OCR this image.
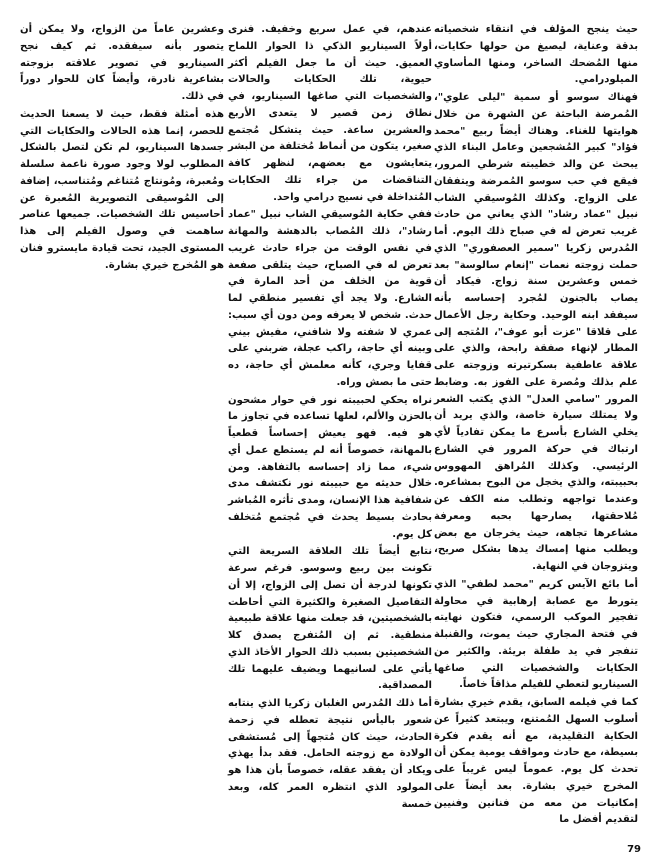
حيث ينجح المؤلف في انتقاء شخصياته بدقة وعناية، ليصيغ من حولها حكايات، منها المُضحك الساخر، ومنها المأساوي الميلودرامي.

فهناك سوسو أو سمية "ليلى علوي"، المُمرضة الباحثة عن الشهرة من خلال هوايتها للغناء. وهناك أيضاً ربيع "محمد فؤاد" كبير المُشجعين وعامل البناء الذي يبحث عن والد خطيبته شرطي المرور، فيقع في حب سوسو المُمرضة ويتفقان على الزواج. وكذلك المُوسيقي الشاب نبيل "عماد رشاد" الذي يعاني من حادث غريب تعرض له في صباح ذلك اليوم. أما المُدرس زكريا "سمير العصفوري" الذي حملت زوجته نعمات "إنعام سالوسة" بعد خمس وعشرين سنة زواج. فيكاد أن يصاب بالجنون لمُجرد إحساسه بأنه سيفقد ابنه الوحيد. وحكاية رجل الأعمال على قلاقا "عزت أبو عوف"، المُتجه إلى المطار لإنهاء صفقة رابحة، والذي على علاقة عاطفية بسكرتيرته وزوجته على علم بذلك ومُصرة على الفوز به. وضابط المرور "سامي العدل" الذي يكتب الشعر ولا يمتلك سيارة خاصة، والذي يريد أن يخلي الشارع بأسرع ما يمكن تفادياً لأي ارتباك في حركة المرور في الشارع الرئيسي. وكذلك المُراهق المهووس بحبيبته، والذي يخجل من البوح بمشاعره. وعندما تواجهه وتطلب منه الكف عن مُلاحقتها، يصارحها بحبه ومعرفة مشاعرها تجاهه، حيث يخرجان مع بعض ويطلب منها إمساك يدها بشكل صريح، ويتزوجان في النهاية.

أما بائع الآيس كريم "محمد لطفي" الذي يتورط مع عصابة إرهابية في محاولة تفجير الموكب الرسمي، فتكون نهايته في فتحة المجاري حيث يموت، والقنبلة تنفجر في يد طفلة بريئة. والكثير من الحكايات والشخصيات التي صاغها السيناريو لتعطي للفيلم مذاقاً خاصاً.

كما في فيلمه السابق، يقدم خيري بشارة أسلوب السهل المُمتنع، ويبتعد كثيراً عن الحكاية التقليدية، مع أنه يقدم فكرة بسيطة، مع حادث ومواقف يومية يمكن أن تحدث كل يوم. عموماً ليس غريباً على المخرج خيري بشارة. بعد أيضاً على إمكانيات من معه من فنانين وفنيين لتقديم أفضل ما

عندهم، في عمل سريع وخفيف. فنرى أولاً السيناريو الذكي ذا الحوار اللماح العميق. حيث أن ما جعل الفيلم أكثر حيوية، تلك الحكايات والحالات والشخصيات التي صاغها السيناريو، في نطاق زمن قصير لا يتعدى الأربع والعشرين ساعة. حيث يتشكل مُجتمع صغير، يتكون من أنماط مُختلفة من البشر يتعايشون مع بعضهم، لنظهر كافة التناقضات من جراء تلك الحكايات المُتداخلة في نسيج درامي واحد.

ففي حكاية المُوسيقي الشاب نبيل "عماد رشاد"، ذلك المُصاب بالدهشة والمهانة في نفس الوقت من جراء حادث غريب تعرض له في الصباح، حيث يتلقى صفعة قوية من الخلف من أحد المارة في الشارع. ولا يجد أي تفسير منطقي لما حدث. شخص لا يعرفه ومن دون أي سبب: عمري لا شفته ولا شافني، مفيش بيني وبينه أي حاجة، راكب عجلة، ضربني على قفايا وجري، كأنه معلمش أي حاجة، ده حتى ما بصش وراه.

نراه يحكي لحبيبته نور في حوار مشحون بالحزن والألم، لعلها تساعده في تجاوز ما هو فيه. فهو يعيش إحساساً قطعياً بالمهانة، خصوصاً أنه لم يستطع عمل أي شيء، مما زاد إحساسه بالتفاهة. ومن خلال حديثه مع حبيبته نور نكتشف مدى شفافية هذا الإنسان، ومدى تأثره المُباشر بحادث بسيط يحدث في مُجتمع مُتخلف كل يوم.

نتابع أيضاً تلك العلاقة السريعة التي تكونت بين ربيع وسوسو. فرغم سرعة تكونها لدرجة أن تصل إلى الزواج، إلا أن التفاصيل الصغيرة والكثيرة التي أحاطت بالشخصيتين، قد جعلت منها علاقة طبيعية منطقية. ثم إن المُتفرج يصدق كلا الشخصيتين بسبب ذلك الحوار الأخاذ الذي يأتي على لسانيهما ويضيف عليهما تلك المصداقية.

أما ذلك المُدرس الغلبان زكريا الذي ينتابه شعور باليأس نتيجة تعطله في زحمة الحادث، حيث كان مُتجهاً إلى مُستشفى الولادة مع زوجته الحامل. فقد بدأ يهذي ويكاد أن يفقد عقله، خصوصاً بأن هذا هو المولود الذي انتظره العمر كله، وبعد خمسة

وعشرين عاماً من الزواج، ولا يمكن أن يتصور بأنه سيفقده. ثم كيف نجح السيناريو في تصوير علاقته بزوجته بشاعرية نادرة، وأيضاً كان للحوار دوراً في ذلك.

هذه أمثلة فقط، حيث لا يسعنا الحديث للحصر، إنما هذه الحالات والحكايات التي جسدها السيناريو، لم تكن لتصل بالشكل المطلوب لولا وجود صورة ناعمة سلسلة ومُعبرة، ومُونتاج مُتناغم ومُتناسب، إضافة إلى المُوسيقى التصويرية المُعبرة عن أحاسيس تلك الشخصيات. جميعها عناصر ساهمت في وصول الفيلم إلى هذا المستوى الجيد، تحت قيادة مايسترو فنان هو المُخرج خيري بشارة.

79
